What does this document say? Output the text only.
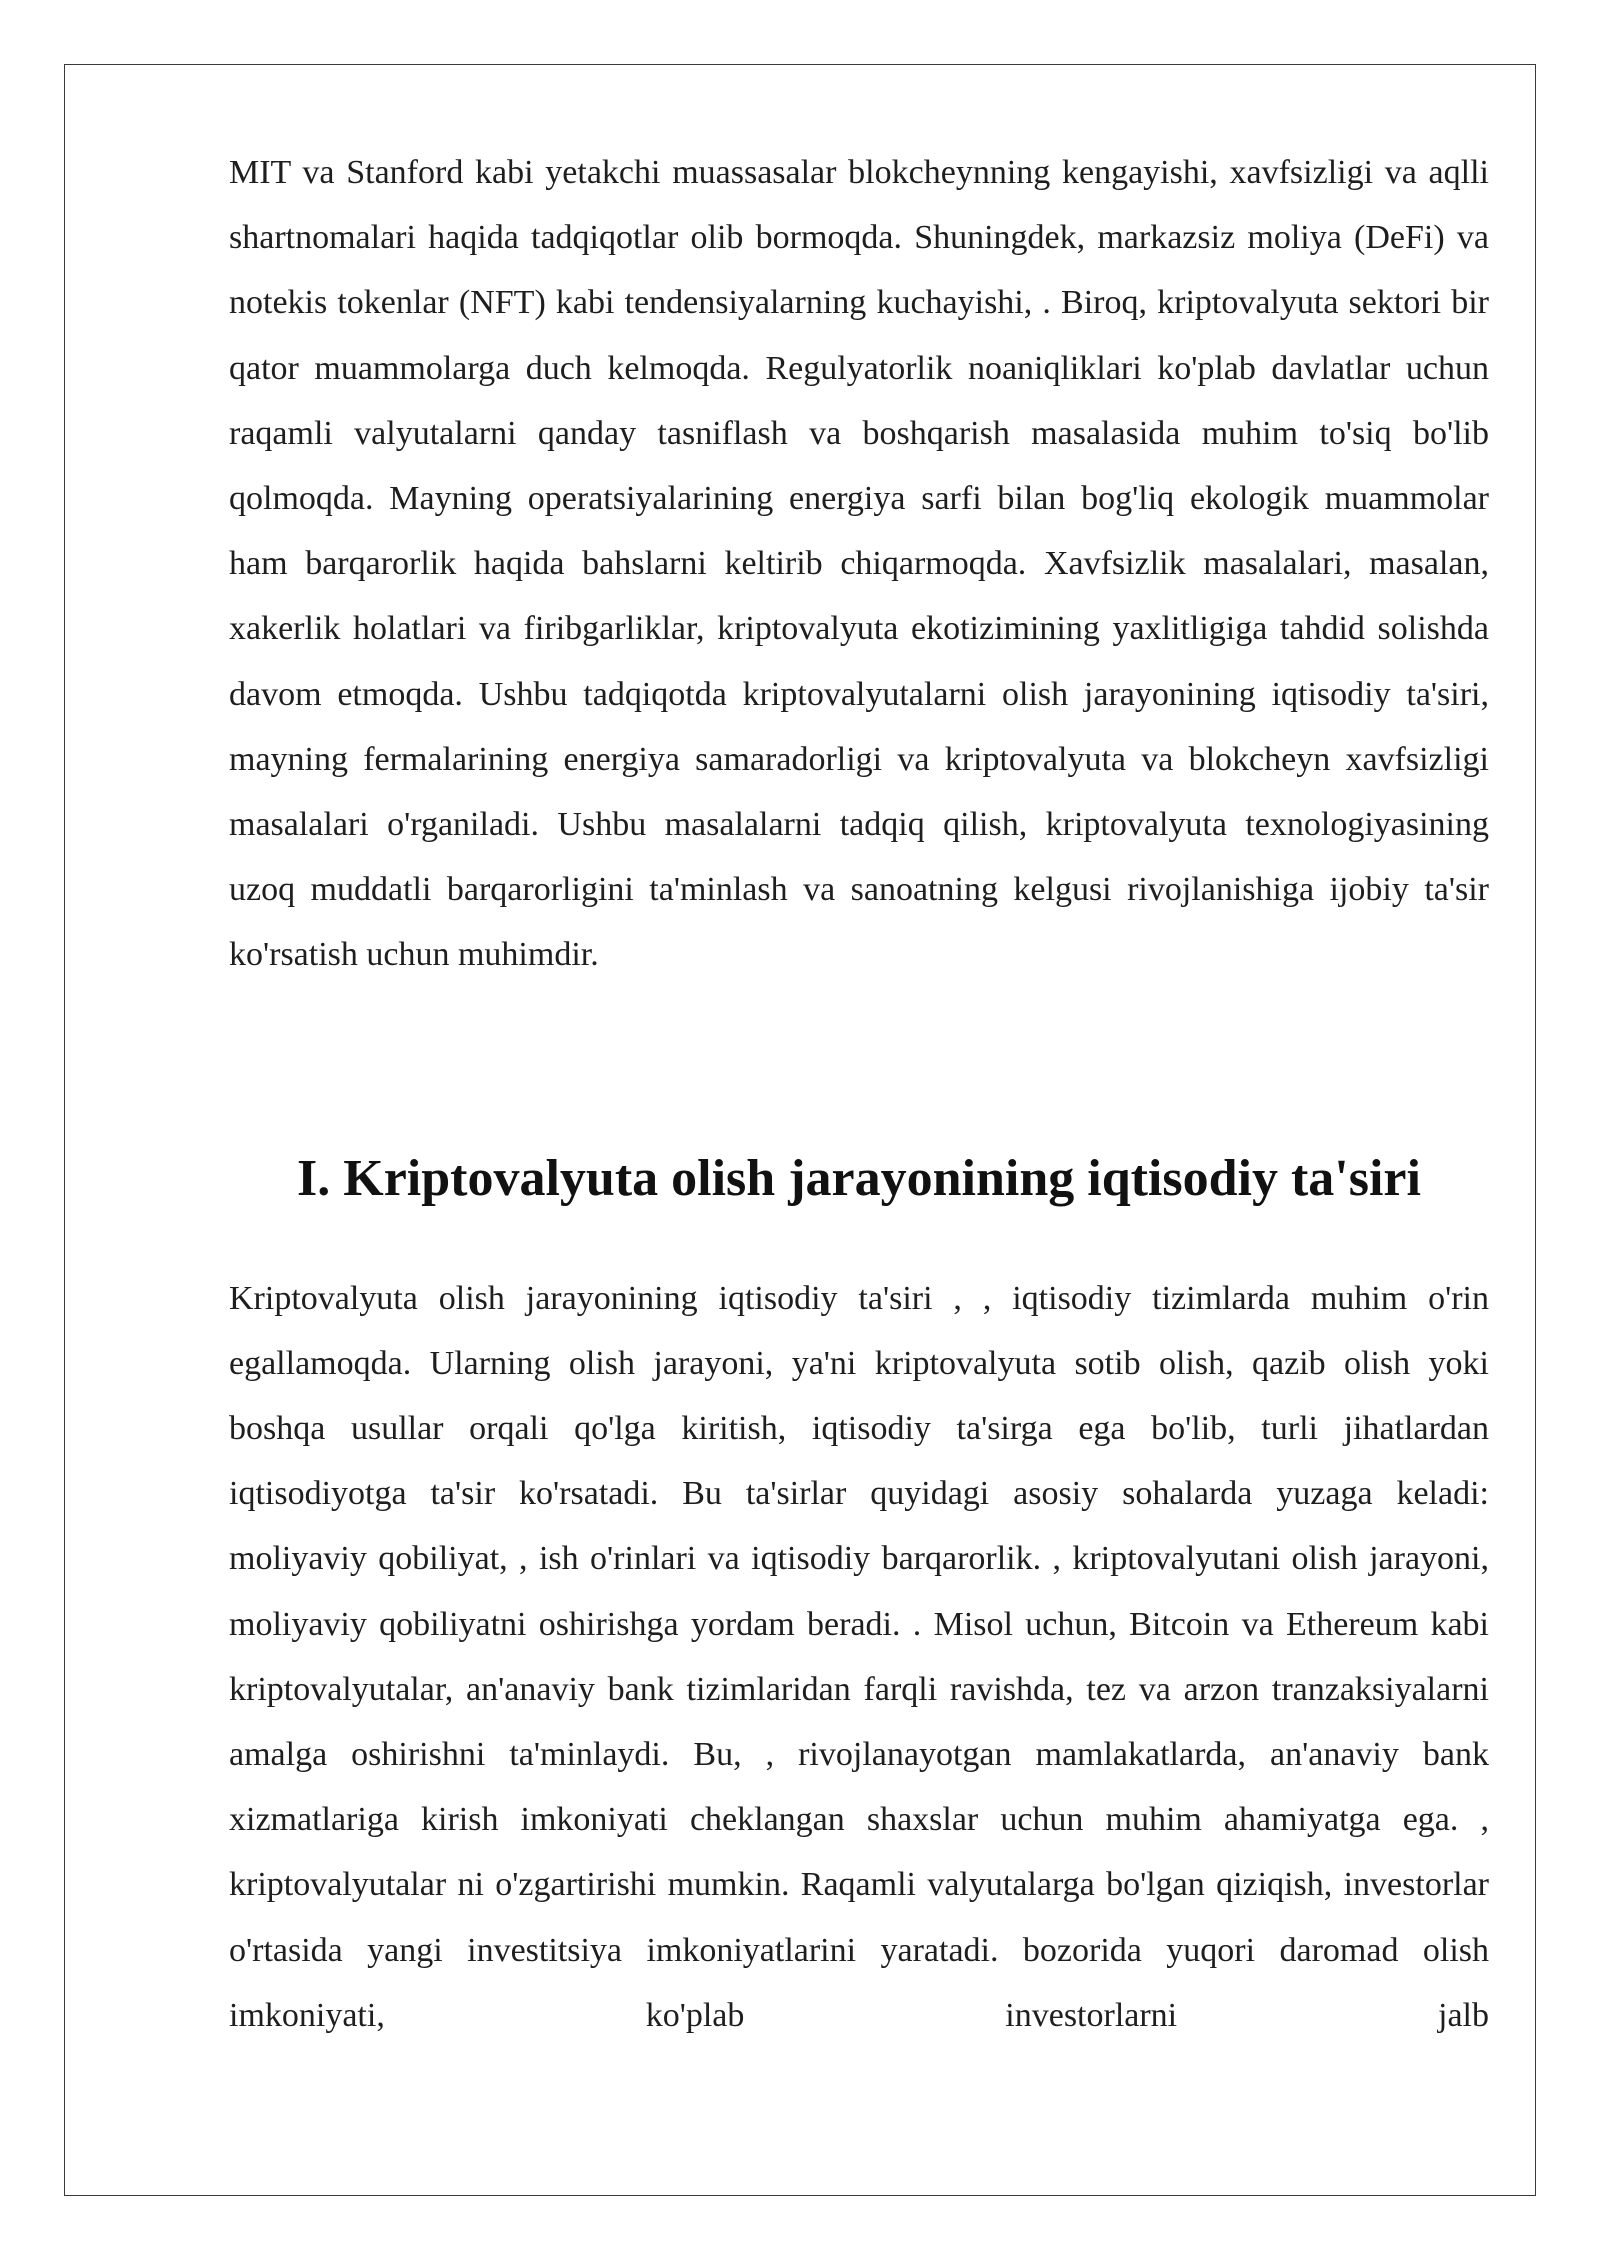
MIT va Stanford kabi yetakchi muassasalar blokcheynning kengayishi, xavfsizligi va aqlli shartnomalari haqida tadqiqotlar olib bormoqda. Shuningdek, markazsiz moliya (DeFi) va notekis tokenlar (NFT) kabi tendensiyalarning kuchayishi, . Biroq, kriptovalyuta sektori bir qator muammolarga duch kelmoqda. Regulyatorlik noaniqliklari ko'plab davlatlar uchun raqamli valyutalarni qanday tasniflash va boshqarish masalasida muhim to'siq bo'lib qolmoqda. Mayning operatsiyalarining energiya sarfi bilan bog'liq ekologik muammolar ham barqarorlik haqida bahslarni keltirib chiqarmoqda. Xavfsizlik masalalari, masalan, xakerlik holatlari va firibgarliklar, kriptovalyuta ekotizimining yaxlitligiga tahdid solishda davom etmoqda. Ushbu tadqiqotda kriptovalyutalarni olish jarayonining iqtisodiy ta'siri, mayning fermalarining energiya samaradorligi va kriptovalyuta va blokcheyn xavfsizligi masalalari o'rganiladi. Ushbu masalalarni tadqiq qilish, kriptovalyuta texnologiyasining uzoq muddatli barqarorligini ta'minlash va sanoatning kelgusi rivojlanishiga ijobiy ta'sir ko'rsatish uchun muhimdir.

I. Kriptovalyuta olish jarayonining iqtisodiy ta'siri

Kriptovalyuta olish jarayonining iqtisodiy ta'siri , , iqtisodiy tizimlarda muhim o'rin egallamoqda. Ularning olish jarayoni, ya'ni kriptovalyuta sotib olish, qazib olish yoki boshqa usullar orqali qo'lga kiritish, iqtisodiy ta'sirga ega bo'lib, turli jihatlardan iqtisodiyotga ta'sir ko'rsatadi. Bu ta'sirlar quyidagi asosiy sohalarda yuzaga keladi: moliyaviy qobiliyat, , ish o'rinlari va iqtisodiy barqarorlik. , kriptovalyutani olish jarayoni, moliyaviy qobiliyatni oshirishga yordam beradi. . Misol uchun, Bitcoin va Ethereum kabi kriptovalyutalar, an'anaviy bank tizimlaridan farqli ravishda, tez va arzon tranzaksiyalarni amalga oshirishni ta'minlaydi. Bu, , rivojlanayotgan mamlakatlarda, an'anaviy bank xizmatlariga kirish imkoniyati cheklangan shaxslar uchun muhim ahamiyatga ega. , kriptovalyutalar ni o'zgartirishi mumkin. Raqamli valyutalarga bo'lgan qiziqish, investorlar o'rtasida yangi investitsiya imkoniyatlarini yaratadi. bozorida yuqori daromad olish imkoniyati, ko'plab investorlarni jalb
